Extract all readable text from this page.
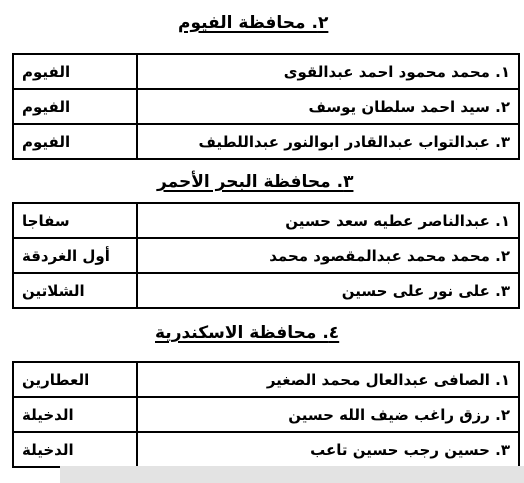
٢. محافظة الفيوم
١. محمد محمود احمد عبدالقوى	الفيوم
٢. سيد احمد سلطان يوسف	الفيوم
٣. عبدالتواب عبدالقادر ابوالنور عبداللطيف	الفيوم
٣. محافظة البحر الأحمر
١. عبدالناصر عطيه سعد حسين	سفاجا
٢. محمد محمد عبدالمقصود محمد	أول الغردقة
٣. على نور على حسين	الشلاتين
٤. محافظة الاسكندرية
١. الصافى عبدالعال محمد الصغير	العطارين
٢. رزق راغب ضيف الله حسين	الدخيلة
٣. حسين رجب حسين تاعب	الدخيلة
